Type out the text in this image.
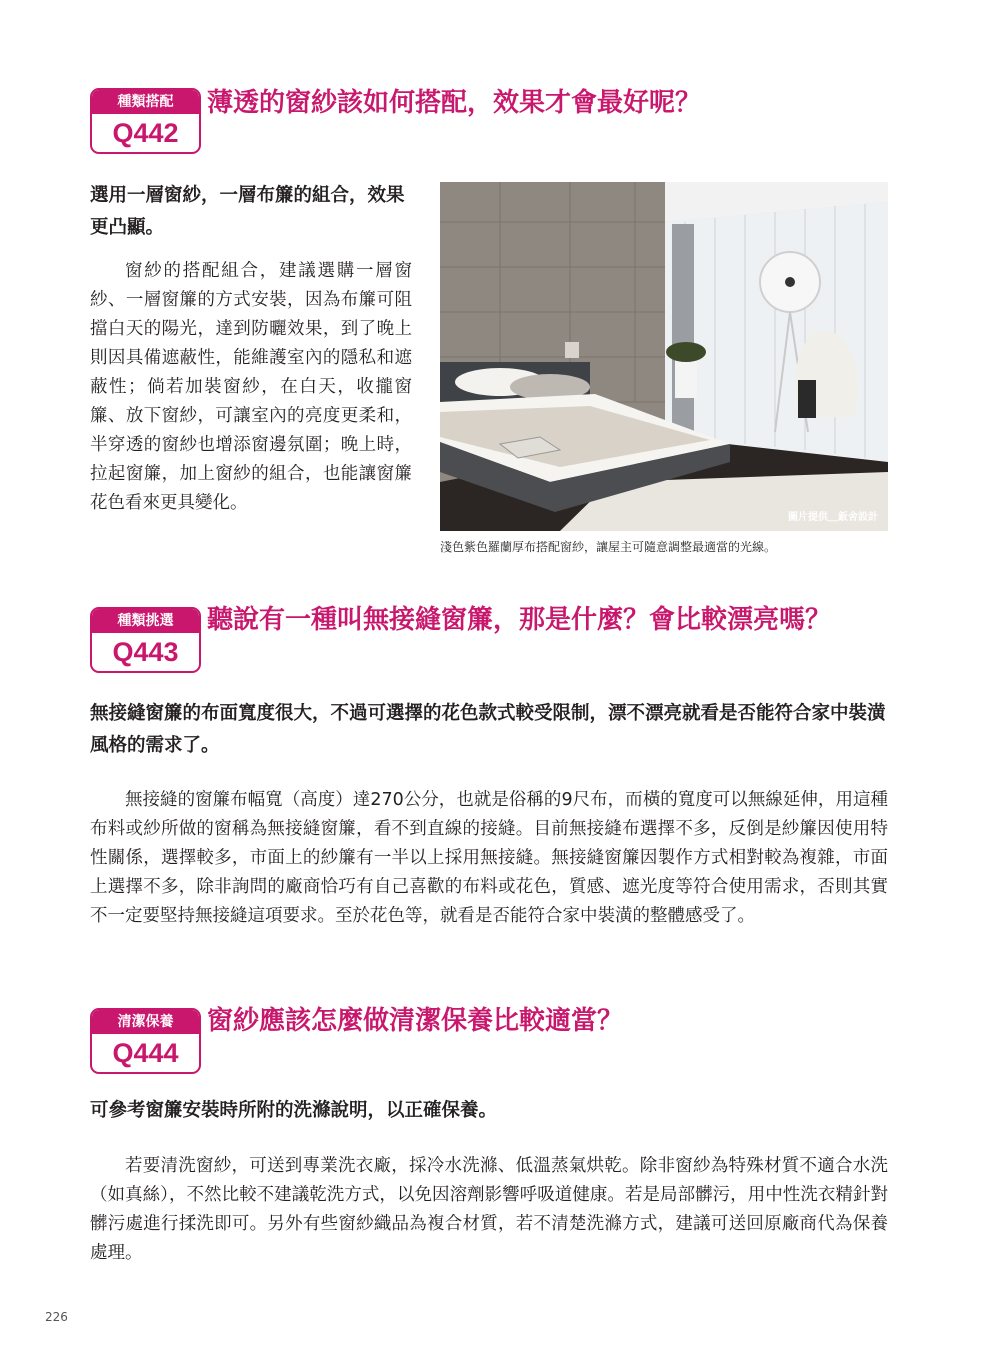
種類搭配
Q442
薄透的窗紗該如何搭配，效果才會最好呢？

選用一層窗紗，一層布簾的組合，效果更凸顯。

窗紗的搭配組合，建議選購一層窗紗、一層窗簾的方式安裝，因為布簾可阻擋白天的陽光，達到防曬效果，到了晚上則因具備遮蔽性，能維護室內的隱私和遮蔽性；倘若加裝窗紗，在白天，收攏窗簾、放下窗紗，可讓室內的亮度更柔和，半穿透的窗紗也增添窗邊氛圍；晚上時，拉起窗簾，加上窗紗的組合，也能讓窗簾花色看來更具變化。

圖片提供＿鈑舍設計

淺色紫色羅蘭厚布搭配窗紗，讓屋主可隨意調整最適當的光線。

種類挑選
Q443
聽說有一種叫無接縫窗簾，那是什麼？會比較漂亮嗎？

無接縫窗簾的布面寬度很大，不過可選擇的花色款式較受限制，漂不漂亮就看是否能符合家中裝潢風格的需求了。

無接縫的窗簾布幅寬（高度）達270公分，也就是俗稱的9尺布，而橫的寬度可以無線延伸，用這種布料或紗所做的窗稱為無接縫窗簾，看不到直線的接縫。目前無接縫布選擇不多，反倒是紗簾因使用特性關係，選擇較多，市面上的紗簾有一半以上採用無接縫。無接縫窗簾因製作方式相對較為複雜，市面上選擇不多，除非詢問的廠商恰巧有自己喜歡的布料或花色，質感、遮光度等符合使用需求，否則其實不一定要堅持無接縫這項要求。至於花色等，就看是否能符合家中裝潢的整體感受了。

清潔保養
Q444
窗紗應該怎麼做清潔保養比較適當？

可參考窗簾安裝時所附的洗滌說明，以正確保養。

若要清洗窗紗，可送到專業洗衣廠，採冷水洗滌、低溫蒸氣烘乾。除非窗紗為特殊材質不適合水洗（如真絲），不然比較不建議乾洗方式，以免因溶劑影響呼吸道健康。若是局部髒污，用中性洗衣精針對髒污處進行揉洗即可。另外有些窗紗織品為複合材質，若不清楚洗滌方式，建議可送回原廠商代為保養處理。

226
